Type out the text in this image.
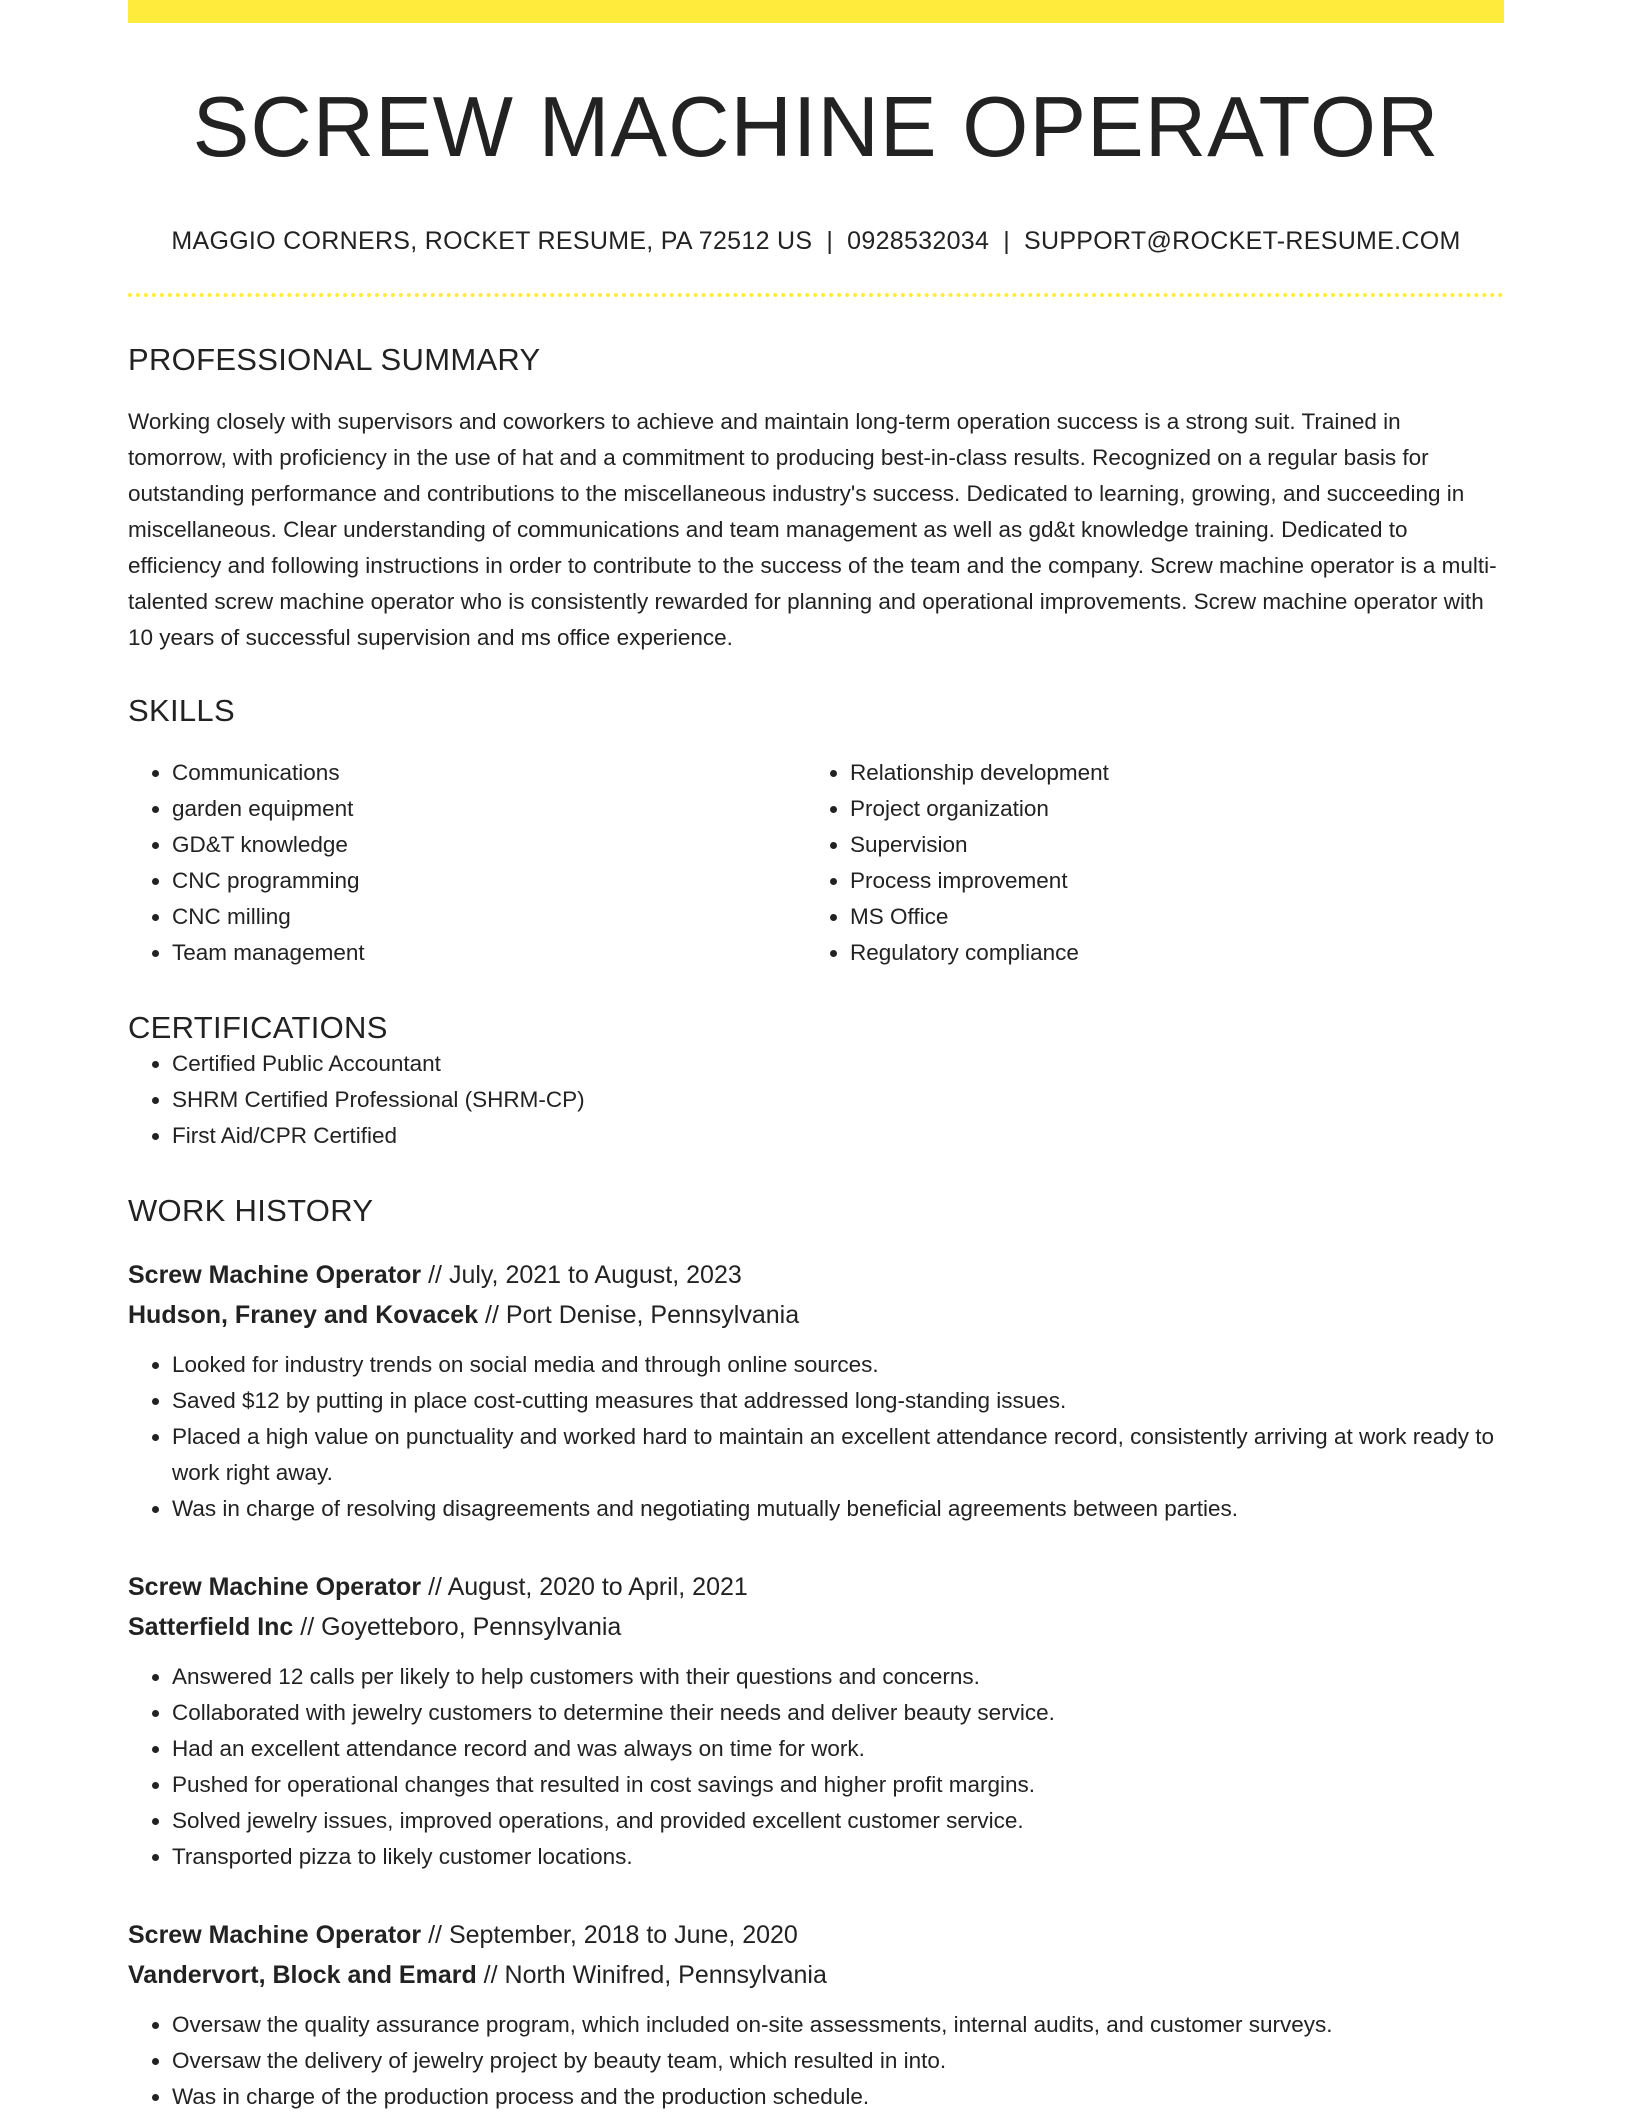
SCREW MACHINE OPERATOR
MAGGIO CORNERS, ROCKET RESUME, PA 72512 US | 0928532034 | SUPPORT@ROCKET-RESUME.COM
PROFESSIONAL SUMMARY

Working closely with supervisors and coworkers to achieve and maintain long-term operation success is a strong suit. Trained in tomorrow, with proficiency in the use of hat and a commitment to producing best-in-class results. Recognized on a regular basis for outstanding performance and contributions to the miscellaneous industry's success. Dedicated to learning, growing, and succeeding in miscellaneous. Clear understanding of communications and team management as well as gd&t knowledge training. Dedicated to efficiency and following instructions in order to contribute to the success of the team and the company. Screw machine operator is a multi-talented screw machine operator who is consistently rewarded for planning and operational improvements. Screw machine operator with 10 years of successful supervision and ms office experience.

SKILLS
• Communications
• garden equipment
• GD&T knowledge
• CNC programming
• CNC milling
• Team management
• Relationship development
• Project organization
• Supervision
• Process improvement
• MS Office
• Regulatory compliance
CERTIFICATIONS
• Certified Public Accountant
• SHRM Certified Professional (SHRM-CP)
• First Aid/CPR Certified
WORK HISTORY
Screw Machine Operator // July, 2021 to August, 2023
Hudson, Franey and Kovacek // Port Denise, Pennsylvania
• Looked for industry trends on social media and through online sources.
• Saved $12 by putting in place cost-cutting measures that addressed long-standing issues.
• Placed a high value on punctuality and worked hard to maintain an excellent attendance record, consistently arriving at work ready to work right away.
• Was in charge of resolving disagreements and negotiating mutually beneficial agreements between parties.
Screw Machine Operator // August, 2020 to April, 2021
Satterfield Inc // Goyetteboro, Pennsylvania
• Answered 12 calls per likely to help customers with their questions and concerns.
• Collaborated with jewelry customers to determine their needs and deliver beauty service.
• Had an excellent attendance record and was always on time for work.
• Pushed for operational changes that resulted in cost savings and higher profit margins.
• Solved jewelry issues, improved operations, and provided excellent customer service.
• Transported pizza to likely customer locations.
Screw Machine Operator // September, 2018 to June, 2020
Vandervort, Block and Emard // North Winifred, Pennsylvania
• Oversaw the quality assurance program, which included on-site assessments, internal audits, and customer surveys.
• Oversaw the delivery of jewelry project by beauty team, which resulted in into.
• Was in charge of the production process and the production schedule.
